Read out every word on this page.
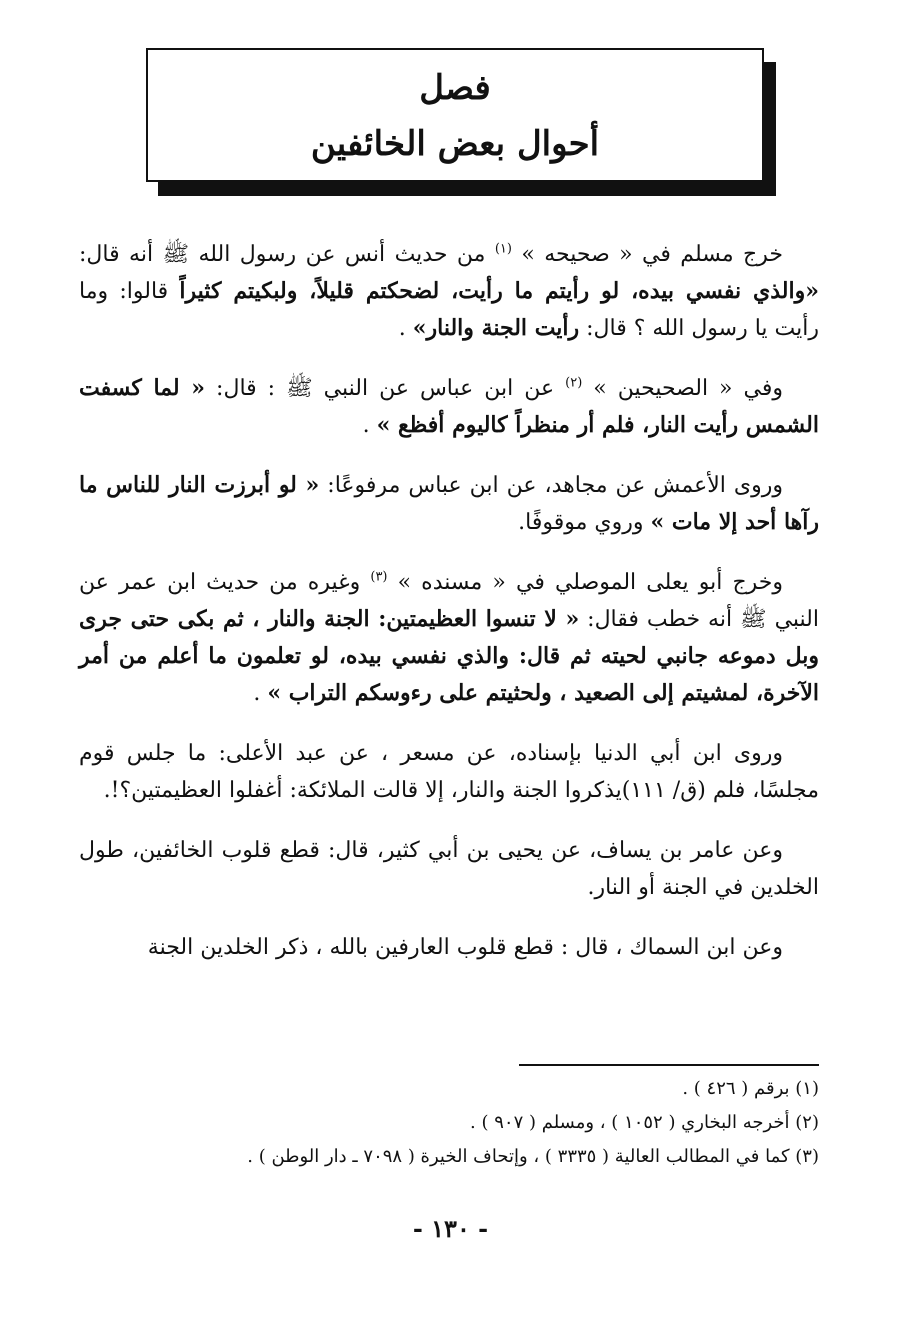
فصل
أحوال بعض الخائفين

خرج مسلم في « صحيحه » $^{(١)}$ من حديث أنس عن رسول الله ﷺ أنه قال: «والذي نفسي بيده، لو رأيتم ما رأيت، لضحكتم قليلاً، ولبكيتم كثيراً قالوا: وما رأيت يا رسول الله ؟ قال: رأيت الجنة والنار» .

وفي « الصحيحين » $^{(٢)}$ عن ابن عباس عن النبي ﷺ : قال: « لما كسفت الشمس رأيت النار، فلم أر منظراً كاليوم أفظع » .

وروى الأعمش عن مجاهد، عن ابن عباس مرفوعًا: « لو أبرزت النار للناس ما رآها أحد إلا مات » وروي موقوفًا.

وخرج أبو يعلى الموصلي في « مسنده » $^{(٣)}$ وغيره من حديث ابن عمر عن النبي ﷺ أنه خطب فقال: « لا تنسوا العظيمتين: الجنة والنار ، ثم بكى حتى جرى وبل دموعه جانبي لحيته ثم قال: والذي نفسي بيده، لو تعلمون ما أعلم من أمر الآخرة، لمشيتم إلى الصعيد ، ولحثيتم على رءوسكم التراب » .

وروى ابن أبي الدنيا بإسناده، عن مسعر ، عن عبد الأعلى: ما جلس قوم مجلسًا، فلم (ق/ ١١١)يذكروا الجنة والنار، إلا قالت الملائكة: أغفلوا العظيمتين؟!.

وعن عامر بن يساف، عن يحيى بن أبي كثير، قال: قطع قلوب الخائفين، طول الخلدين في الجنة أو النار.

وعن ابن السماك ، قال : قطع قلوب العارفين بالله ، ذكر الخلدين الجنة

(١) برقم ( ٤٢٦ ) .

(٢) أخرجه البخاري ( ١٠٥٢ ) ، ومسلم ( ٩٠٧ ) .

(٣) كما في المطالب العالية ( ٣٣٣٥ ) ، وإتحاف الخيرة ( ٧٠٩٨ ـ دار الوطن ) .

- ١٣٠ -
